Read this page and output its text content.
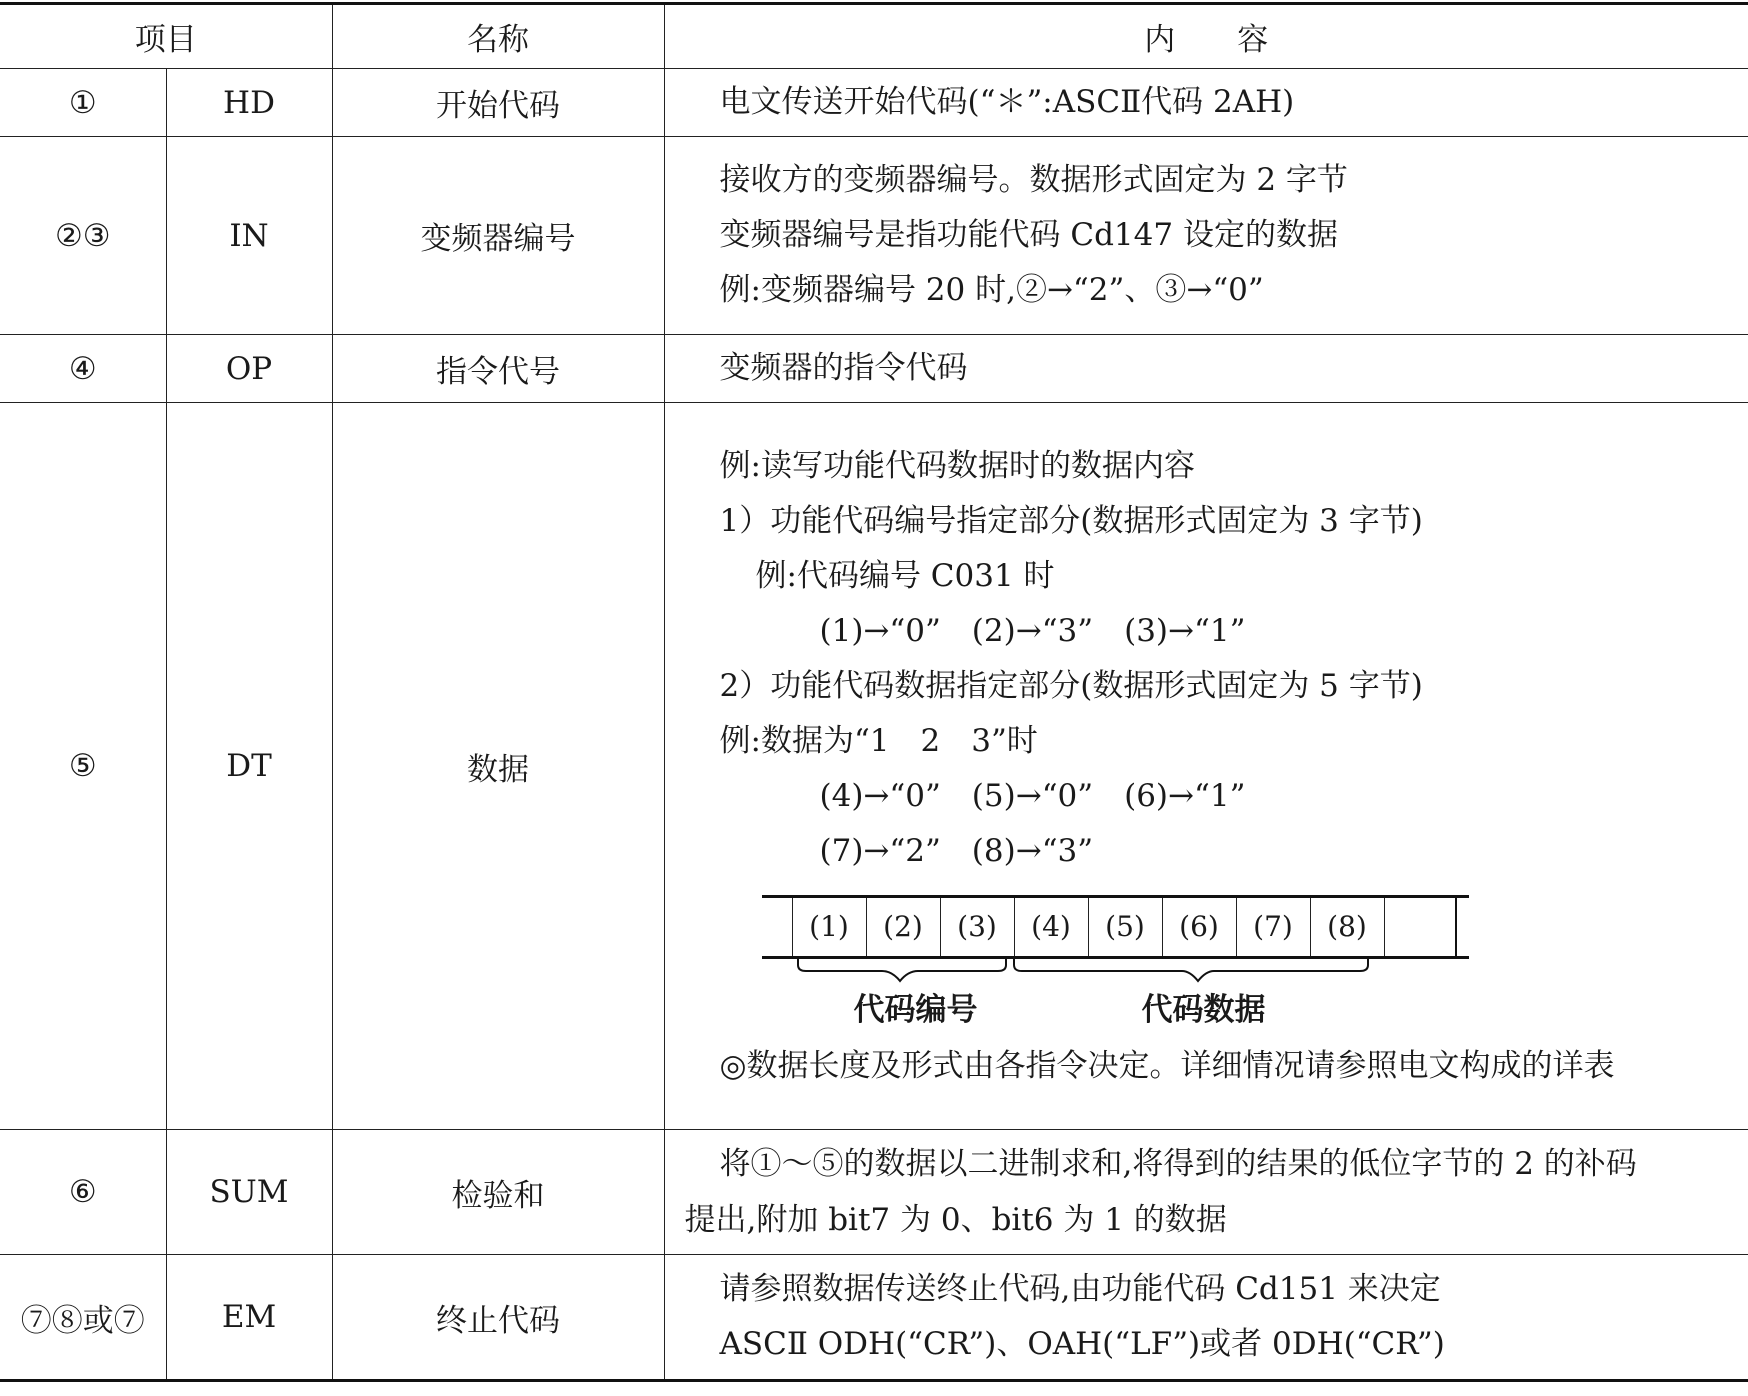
项目	名称	内　　容
①	HD	开始代码	电文传送开始代码(“＊”:ASCⅡ代码 2AH)

②③	IN	变频器编号	
接收方的变频器编号。数据形式固定为 2 字节
变频器编号是指功能代码 Cd147 设定的数据
例:变频器编号 20 时,②→“2”、③→“0”

④	OP	指令代号	变频器的指令代码

⑤	DT	数据	
例:读写功能代码数据时的数据内容
1）功能代码编号指定部分(数据形式固定为 3 字节)
例:代码编号 C031 时
(1)→“0”　(2)→“3”　(3)→“1”
2）功能代码数据指定部分(数据形式固定为 5 字节)
例:数据为“1　2　3”时
(4)→“0”　(5)→“0”　(6)→“1”
(7)→“2”　(8)→“3”
	(1)	(2)	(3)	(4)	(5)	(6)	(7)	(8)		
代码编号	代码数据
◎数据长度及形式由各指令决定。详细情况请参照电文构成的详表

⑥	SUM	检验和	
将①～⑤的数据以二进制求和,将得到的结果的低位字节的 2 的补码
提出,附加 bit7 为 0、bit6 为 1 的数据

⑦⑧或⑦	EM	终止代码	
请参照数据传送终止代码,由功能代码 Cd151 来决定
ASCⅡ ODH(“CR”)、OAH(“LF”)或者 0DH(“CR”)
